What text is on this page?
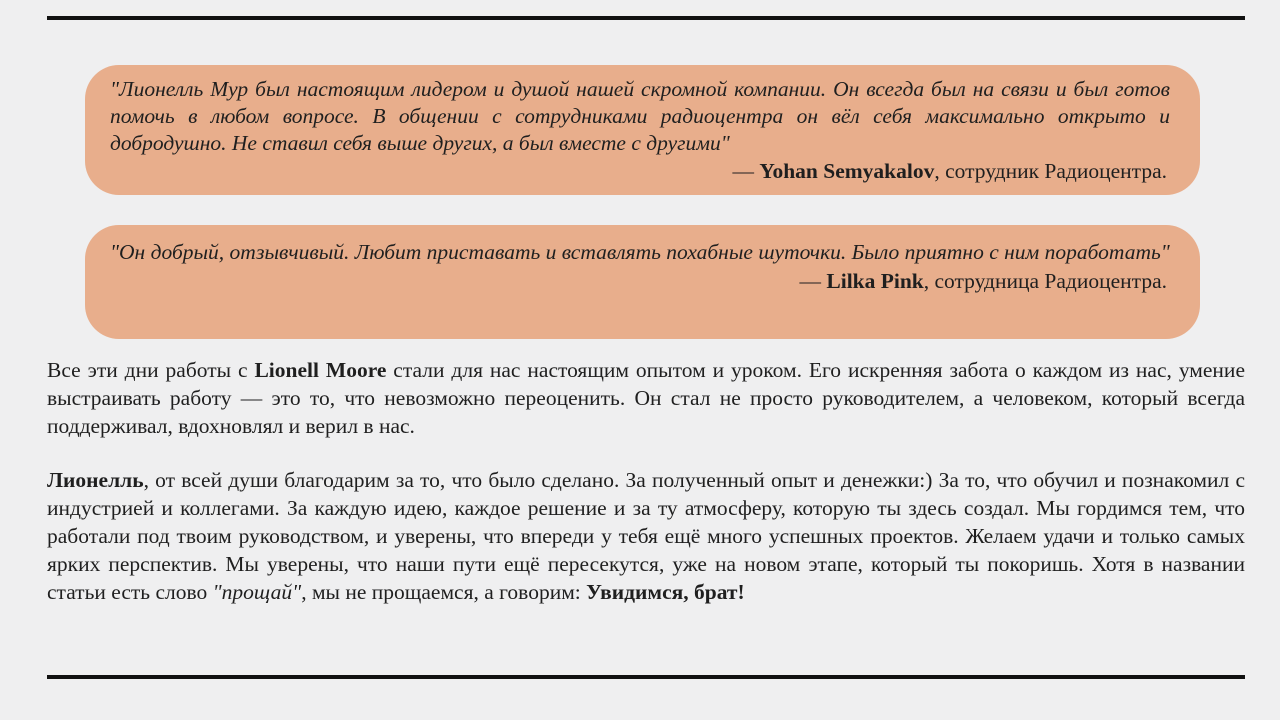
"Лионелль Мур был настоящим лидером и душой нашей скромной компании. Он всегда был на связи и был готов помочь в любом вопросе. В общении с сотрудниками радиоцентра он вёл себя максимально открыто и добродушно. Не ставил себя выше других, а был вместе с другими"

— Yohan Semyakalov, сотрудник Радиоцентра.

"Он добрый, отзывчивый. Любит приставать и вставлять похабные шуточки. Было приятно с ним поработать"

— Lilka Pink, сотрудница Радиоцентра.

Все эти дни работы с Lionell Moore стали для нас настоящим опытом и уроком. Его искренняя забота о каждом из нас, умение выстраивать работу — это то, что невозможно переоценить. Он стал не просто руководителем, а человеком, который всегда поддерживал, вдохновлял и верил в нас.

Лионелль, от всей души благодарим за то, что было сделано. За полученный опыт и денежки:) За то, что обучил и познакомил с индустрией и коллегами. За каждую идею, каждое решение и за ту атмосферу, которую ты здесь создал. Мы гордимся тем, что работали под твоим руководством, и уверены, что впереди у тебя ещё много успешных проектов. Желаем удачи и только самых ярких перспектив. Мы уверены, что наши пути ещё пересекутся, уже на новом этапе, который ты покоришь. Хотя в названии статьи есть слово "прощай", мы не прощаемся, а говорим: Увидимся, брат!
